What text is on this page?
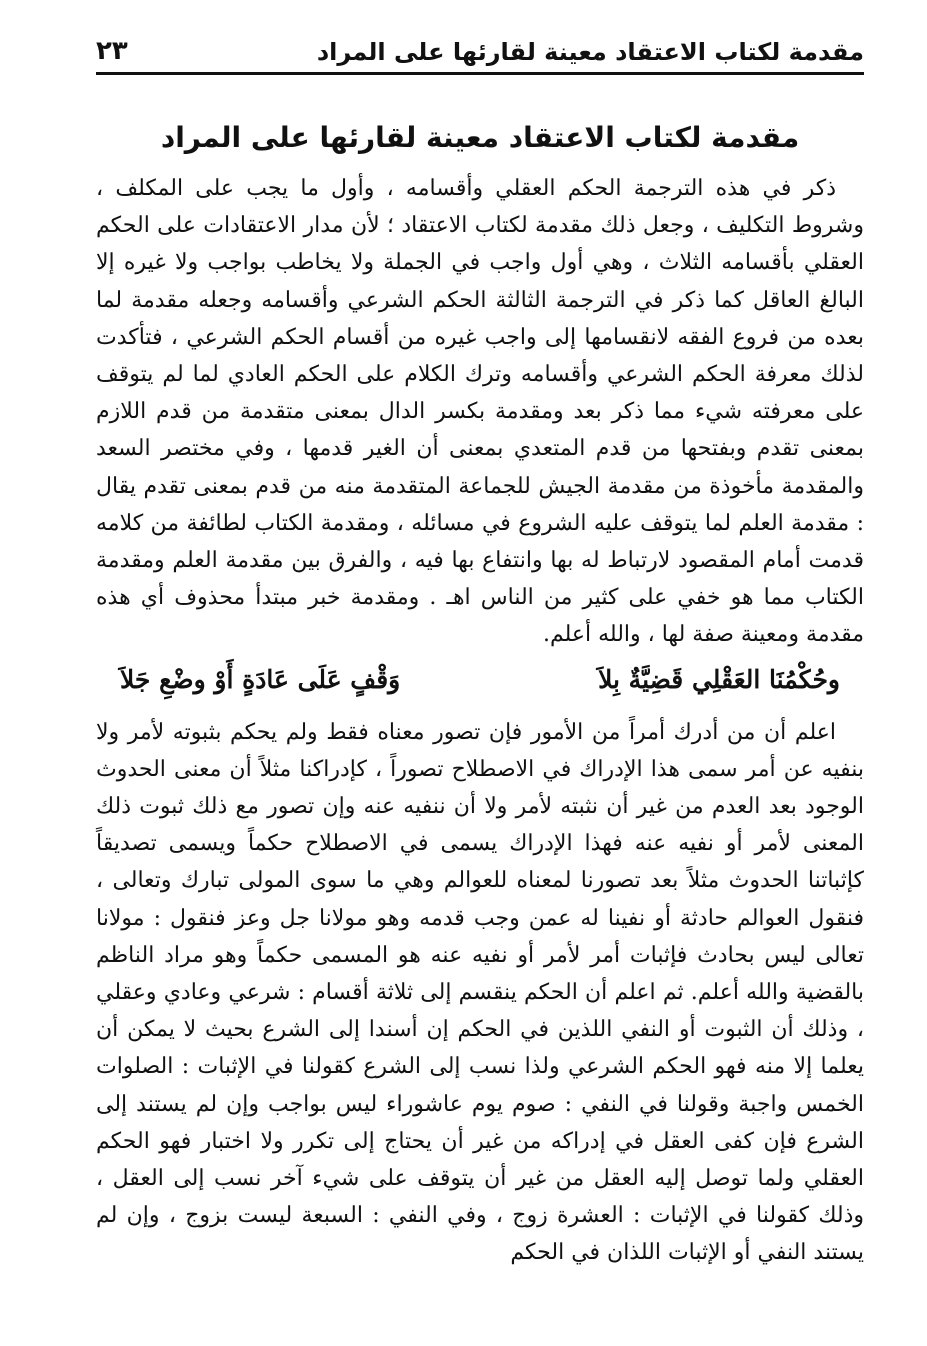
مقدمة لكتاب الاعتقاد معينة لقارئها على المراد
٢٣
مقدمة لكتاب الاعتقاد معينة لقارئها على المراد

ذكر في هذه الترجمة الحكم العقلي وأقسامه ، وأول ما يجب على المكلف ، وشروط التكليف ، وجعل ذلك مقدمة لكتاب الاعتقاد ؛ لأن مدار الاعتقادات على الحكم العقلي بأقسامه الثلاث ، وهي أول واجب في الجملة ولا يخاطب بواجب ولا غيره إلا البالغ العاقل كما ذكر في الترجمة الثالثة الحكم الشرعي وأقسامه وجعله مقدمة لما بعده من فروع الفقه لانقسامها إلى واجب غيره من أقسام الحكم الشرعي ، فتأكدت لذلك معرفة الحكم الشرعي وأقسامه وترك الكلام على الحكم العادي لما لم يتوقف على معرفته شيء مما ذكر بعد ومقدمة بكسر الدال بمعنى متقدمة من قدم اللازم بمعنى تقدم وبفتحها من قدم المتعدي بمعنى أن الغير قدمها ، وفي مختصر السعد والمقدمة مأخوذة من مقدمة الجيش للجماعة المتقدمة منه من قدم بمعنى تقدم يقال : مقدمة العلم لما يتوقف عليه الشروع في مسائله ، ومقدمة الكتاب لطائفة من كلامه قدمت أمام المقصود لارتباط له بها وانتفاع بها فيه ، والفرق بين مقدمة العلم ومقدمة الكتاب مما هو خفي على كثير من الناس اهـ . ومقدمة خبر مبتدأ محذوف أي هذه مقدمة ومعينة صفة لها ، والله أعلم.

وحُكْمُنَا العَقْلِي قَضِيَّةٌ بِلاَ
وَقْفٍ عَلَى عَادَةٍ أَوْ وضْعِ جَلاَ

اعلم أن من أدرك أمراً من الأمور فإن تصور معناه فقط ولم يحكم بثبوته لأمر ولا بنفيه عن أمر سمى هذا الإدراك في الاصطلاح تصوراً ، كإدراكنا مثلاً أن معنى الحدوث الوجود بعد العدم من غير أن نثبته لأمر ولا أن ننفيه عنه وإن تصور مع ذلك ثبوت ذلك المعنى لأمر أو نفيه عنه فهذا الإدراك يسمى في الاصطلاح حكماً ويسمى تصديقاً كإثباتنا الحدوث مثلاً بعد تصورنا لمعناه للعوالم وهي ما سوى المولى تبارك وتعالى ، فنقول العوالم حادثة أو نفينا له عمن وجب قدمه وهو مولانا جل وعز فنقول : مولانا تعالى ليس بحادث فإثبات أمر لأمر أو نفيه عنه هو المسمى حكماً وهو مراد الناظم بالقضية والله أعلم. ثم اعلم أن الحكم ينقسم إلى ثلاثة أقسام : شرعي وعادي وعقلي ، وذلك أن الثبوت أو النفي اللذين في الحكم إن أسندا إلى الشرع بحيث لا يمكن أن يعلما إلا منه فهو الحكم الشرعي ولذا نسب إلى الشرع كقولنا في الإثبات : الصلوات الخمس واجبة وقولنا في النفي : صوم يوم عاشوراء ليس بواجب وإن لم يستند إلى الشرع فإن كفى العقل في إدراكه من غير أن يحتاج إلى تكرر ولا اختبار فهو الحكم العقلي ولما توصل إليه العقل من غير أن يتوقف على شيء آخر نسب إلى العقل ، وذلك كقولنا في الإثبات : العشرة زوج ، وفي النفي : السبعة ليست بزوج ، وإن لم يستند النفي أو الإثبات اللذان في الحكم
